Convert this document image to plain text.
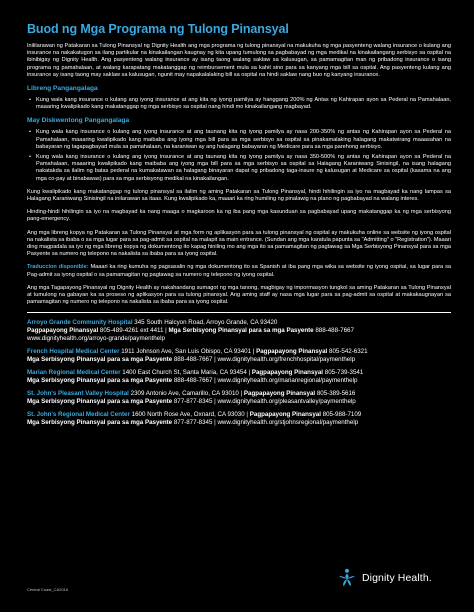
Buod ng Mga Programa ng Tulong Pinansyal

Inililarawan ng Patakaran sa Tulong Pinansyal ng Dignity Health ang mga programa ng tulong pinansyal na makukuha ng mga pasyenteng walang insurance o kulang ang insurance na nakakatugon sa ilang partikular na kinakailangan kaugnay ng kita upang tumulong sa pagbabayad ng mga medikal na kinakailangang serbisyo sa ospital na ibinibigay ng Dignity Health. Ang pasyenteng walang insurance ay isang taong walang saklaw sa kalusugan, sa pamamagitan man ng pribadong insurance o isang programa ng pamahalaan, at walang karapatang makatanggap ng reimbursement mula sa kahit sino para sa kanyang mga bill sa ospital. Ang pasyenteng kulang ang insurance ay isang taong may saklaw sa kalusugan, ngunit may napakalalaking bill sa ospital na hindi saklaw nang buo ng kanyang insurance.

Libreng Pangangalaga
• Kung wala kang insurance o kulang ang iyong insurance at ang kita ng iyong pamilya ay hanggang 200% ng Antas ng Kahirapan ayon sa Pederal na Pamahalaan, maaaring kwalipikado kang makatanggap ng mga serbisyo sa ospital nang hindi mo kinakailangang magbayad.
May Diskwentong Pangangalaga
• Kung wala kang insurance o kulang ang iyong insurance at ang taunang kita ng iyong pamilya ay nasa 200-350% ng antas ng Kahirapan ayon sa Pederal na Pamahalaan, maaaring kwalipikado kang maibaba ang iyong mga bill para sa mga serbisyo sa ospital sa pinakamalaking halagang makatwirang maaasahan na babayaran ng tagapagbayad mula sa pamahalaan, na karaniwan ay ang halagang babayaran ng Medicare para sa mga parehong serbisyo.
• Kung wala kang insurance o kulang ang iyong insurance at ang taunang kita ng iyong pamilya ay nasa 350-500% ng antas ng Kahirapan ayon sa Pederal na Pamahalaan, maaaring kwalipikado kang maibaba ang iyong mga bill para sa mga serbisyo sa ospital sa Halagang Karaniwang Sinisingil, na isang halagang nakatakda sa ilalim ng batas pederal na kumakatawan sa halagang binayaran dapat ng pribadong taga-insure ng kalusugan at Medicare sa ospital (kasama na ang mga co-pay at binabawas) para sa mga serbisyong medikal na kinakailangan.

Kung kwalipikado kang makatanggap ng tulong pinansyal sa ilalim ng aming Patakaran sa Tulong Pinansyal, hindi hihilingin sa iyo na magbayad ka nang lampas sa Halagang Karaniwang Sinisingil na inilarawan sa itaas. Kung kwalipikado ka, maaari ka ring humiling ng pinalawig na plano ng pagbabayad na walang interes.

Hinding-hindi hihilingin sa iyo na magbayad ka nang maaga o magkaroon ka ng iba pang mga kasunduan sa pagbabayad upang makatanggap ka ng mga serbisyong pang-emergency.

Ang mga libreng kopya ng Patakaran sa Tulong Pinansyal at mga form ng aplikasyon para sa tulong pinansyal ng ospital ay makukuha online sa website ng iyong ospital na nakalista sa ibaba o sa mga lugar para sa pag-admit sa ospital na malapit sa main entrance. (Sundan ang mga karatula papunta sa "Admitting" o "Registration"). Maaari ding magpadala sa iyo ng mga libreng kopya ng dokumentong ito kapag hiniling mo ang mga ito sa pamamagitan ng pagtawag sa Mga Serbisyong Pinansyal para sa mga Pasyente sa numero ng telepono na nakalista sa ibaba para sa iyong ospital.

Traduccion disponible: Maaari ka ring kumuha ng pagsasalin ng mga dokumentong ito sa Spanish at iba pang mga wika sa website ng iyong ospital, sa lugar para sa Pag-admit sa iyong ospital o sa pamamagitan ng pagtawag sa numero ng telepono ng iyong ospital.

Ang mga Tagapayong Pinansyal ng Dignity Health ay nakahandang sumagot ng mga tanong, magbigay ng impormasyon tungkol sa aming Patakaran sa Tulong Pinansyal at tumulong na gabayan ka sa proseso ng aplikasyon para sa tulong pinansyal. Ang aming staff ay nasa mga lugar para sa pag-admit sa ospital at makakaugnayan sa pamamagitan ng numero ng telepono na nakalista sa ibaba para sa iyong ospital.

Arroyo Grande Community Hospital 345 South Halcyon Road, Arroyo Grande, CA 93420
Pagpapayong Pinansyal 805-489-4261 ext 4411 | Mga Serbisyong Pinansyal para sa mga Pasyente 888-488-7667
www.dignityhealth.org/arroyo-grande/paymenthelp
French Hospital Medical Center 1911 Johnson Ave, San Luis Obispo, CA 93401 | Pagpapayong Pinansyal 805-542-6321
Mga Serbisyong Pinansyal para sa mga Pasyente 888-488-7667 | www.dignityhealth.org/frenchhospital/paymenthelp
Marian Regional Medical Center 1400 East Church St, Santa Maria, CA 93454 | Pagpapayong Pinansyal 805-739-3541
Mga Serbisyong Pinansyal para sa mga Pasyente 888-488-7667 | www.dignityhealth.org/marianregional/paymenthelp
St. John's Pleasant Valley Hospital 2309 Antonio Ave, Camarillo, CA 93010 | Pagpapayong Pinansyal 805-389-5616
Mga Serbisyong Pinansyal para sa mga Pasyente 877-877-8345 | www.dignityhealth.org/pleasantvalley/paymenthelp
St. John's Regional Medical Center 1600 North Rose Ave, Oxnard, CA 93030 | Pagpapayong Pinansyal 805-988-7109
Mga Serbisyong Pinansyal para sa mga Pasyente 877-877-8345 | www.dignityhealth.org/stjohnsregional/paymenthelp
Central Coast_CA2016
Dignity Health.
